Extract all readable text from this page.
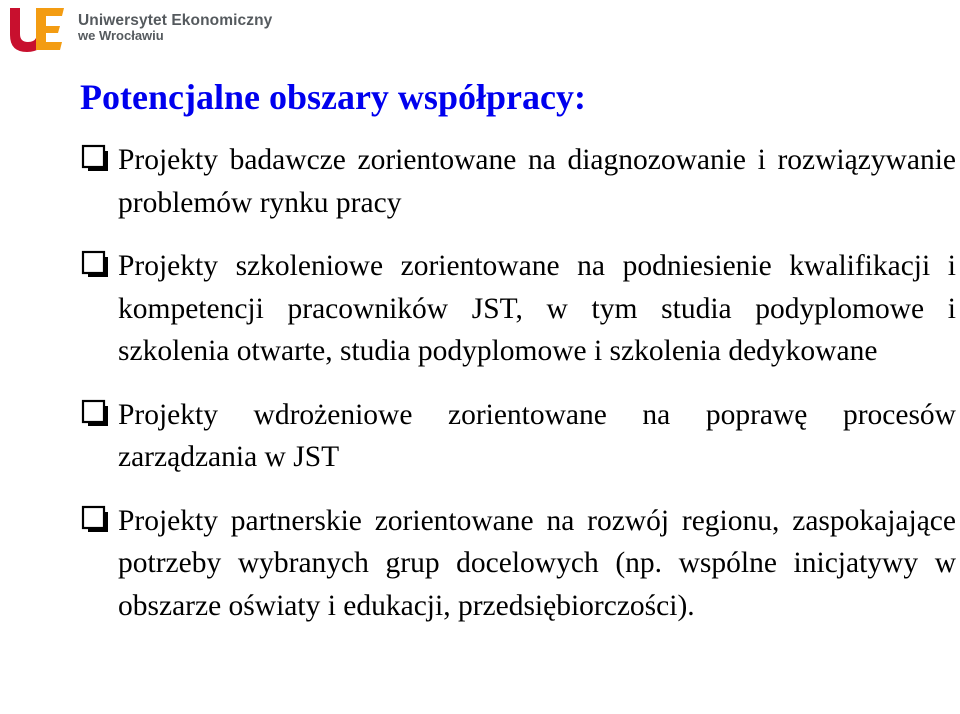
Uniwersytet Ekonomiczny
we Wrocławiu
Potencjalne obszary współpracy:

Projekty badawcze zorientowane na diagnozowanie i rozwiązywanie problemów rynku pracy

Projekty szkoleniowe zorientowane na podniesienie kwalifikacji i kompetencji pracowników JST, w tym studia podyplomowe i szkolenia otwarte, studia podyplomowe i szkolenia dedykowane

Projekty wdrożeniowe zorientowane na poprawę procesów zarządzania w JST

Projekty partnerskie zorientowane na rozwój regionu, zaspokajające potrzeby wybranych grup docelowych (np. wspólne inicjatywy w obszarze oświaty i edukacji, przedsiębiorczości).
